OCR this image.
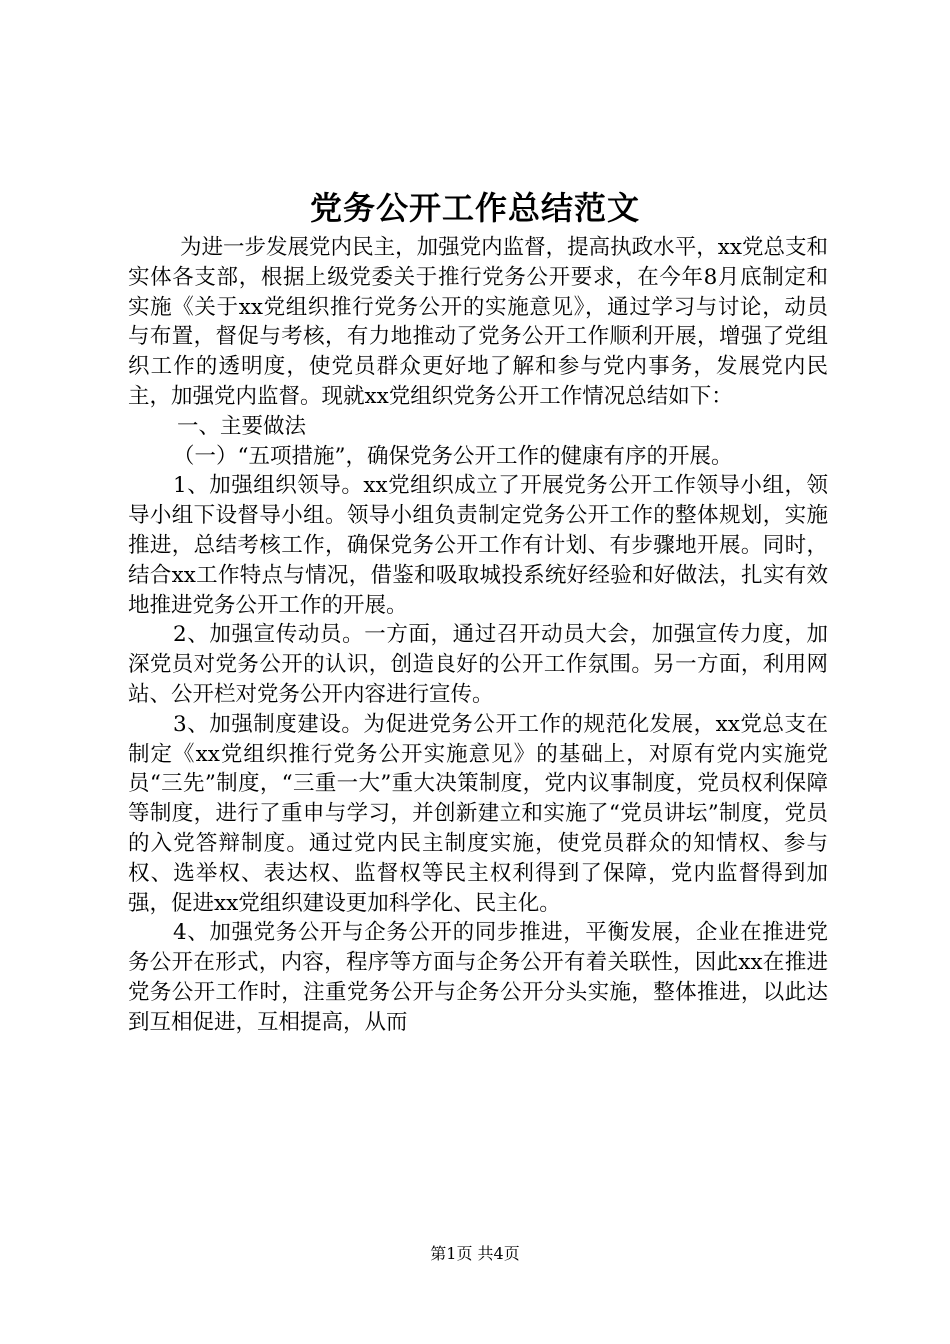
党务公开工作总结范文

为进一步发展党内民主，加强党内监督，提高执政水平，xx党总支和实体各支部，根据上级党委关于推行党务公开要求，在今年8月底制定和实施《关于xx党组织推行党务公开的实施意见》，通过学习与讨论，动员与布置，督促与考核，有力地推动了党务公开工作顺利开展，增强了党组织工作的透明度，使党员群众更好地了解和参与党内事务，发展党内民主，加强党内监督。现就xx党组织党务公开工作情况总结如下：

一、主要做法

（一）“五项措施”，确保党务公开工作的健康有序的开展。

1、加强组织领导。xx党组织成立了开展党务公开工作领导小组，领导小组下设督导小组。领导小组负责制定党务公开工作的整体规划，实施推进，总结考核工作，确保党务公开工作有计划、有步骤地开展。同时，结合xx工作特点与情况，借鉴和吸取城投系统好经验和好做法，扎实有效地推进党务公开工作的开展。

2、加强宣传动员。一方面，通过召开动员大会，加强宣传力度，加深党员对党务公开的认识，创造良好的公开工作氛围。另一方面，利用网站、公开栏对党务公开内容进行宣传。

3、加强制度建设。为促进党务公开工作的规范化发展，xx党总支在制定《xx党组织推行党务公开实施意见》的基础上，对原有党内实施党员“三先”制度，“三重一大”重大决策制度，党内议事制度，党员权利保障等制度，进行了重申与学习，并创新建立和实施了“党员讲坛”制度，党员的入党答辩制度。通过党内民主制度实施，使党员群众的知情权、参与权、选举权、表达权、监督权等民主权利得到了保障，党内监督得到加强，促进xx党组织建设更加科学化、民主化。

4、加强党务公开与企务公开的同步推进，平衡发展，企业在推进党务公开在形式，内容，程序等方面与企务公开有着关联性，因此xx在推进党务公开工作时，注重党务公开与企务公开分头实施，整体推进，以此达到互相促进，互相提高，从而

第1页 共4页
